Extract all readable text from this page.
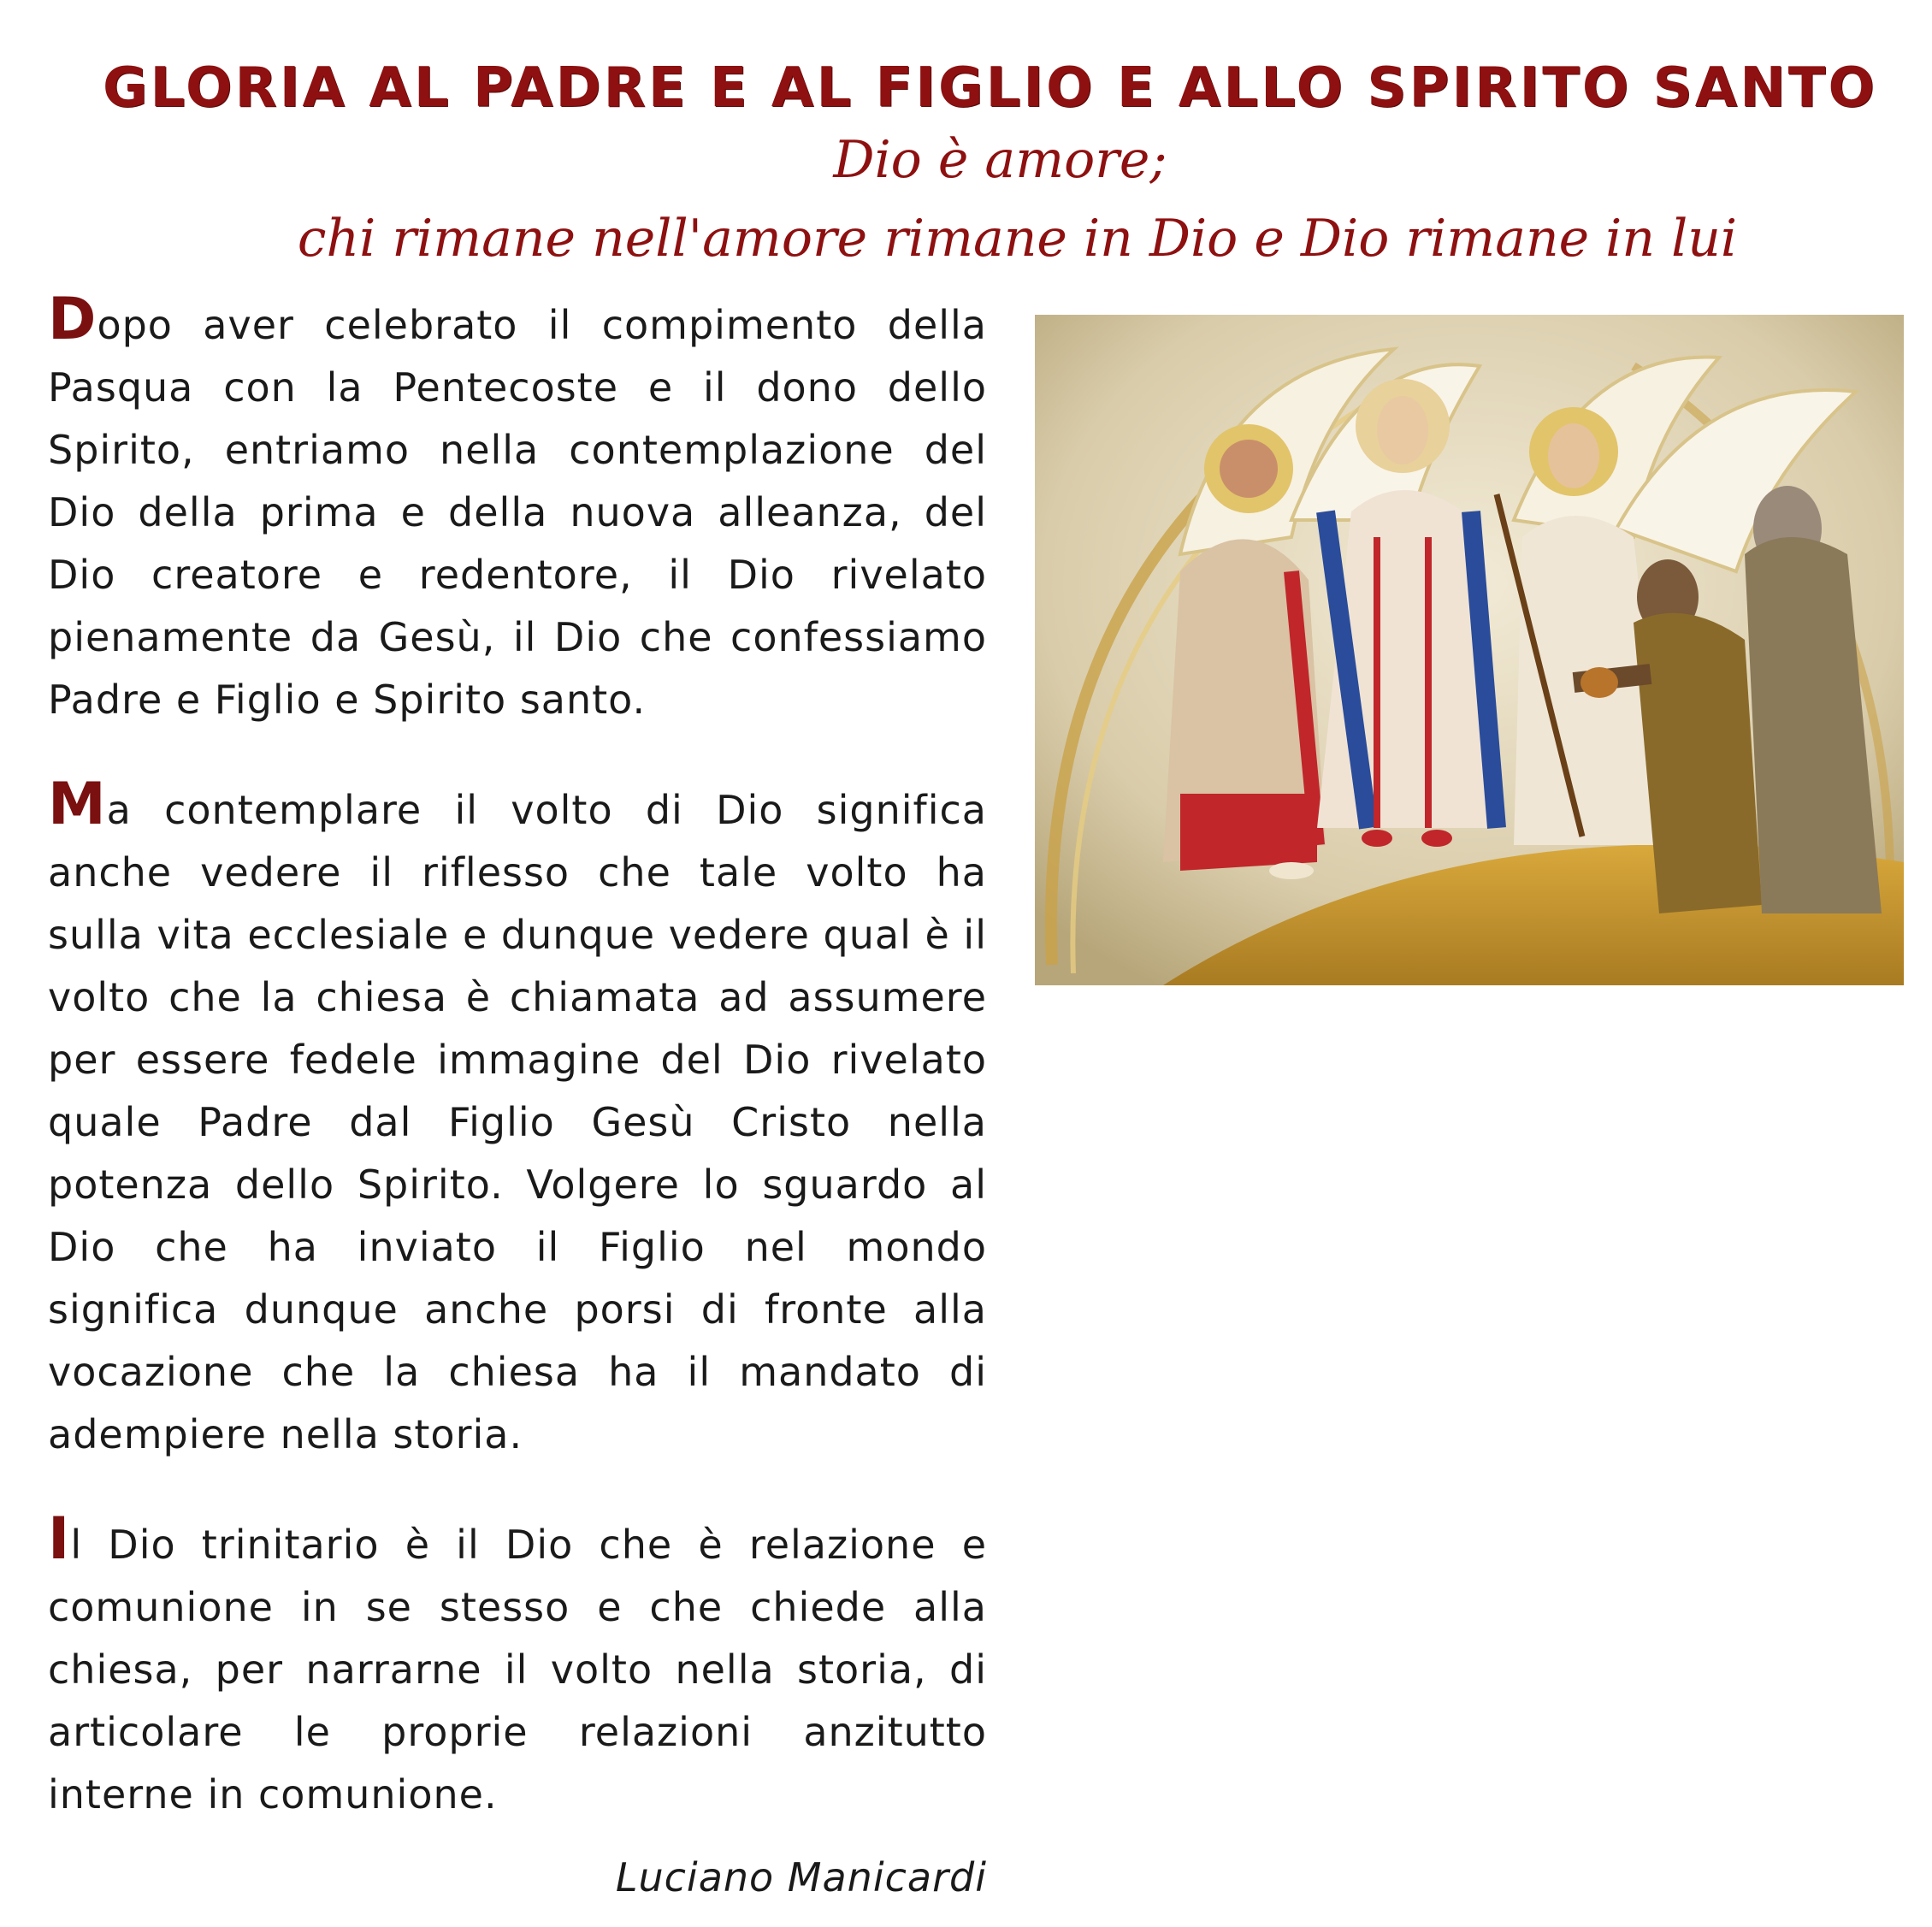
GLORIA AL PADRE E AL FIGLIO E ALLO SPIRITO SANTO
Dio è amore;
chi rimane nell'amore rimane in Dio e Dio rimane in lui

Dopo aver celebrato il compimento della Pasqua con la Pentecoste e il dono dello Spirito, entriamo nella contemplazione del Dio della prima e della nuova alleanza, del Dio creatore e redentore, il Dio rivelato pienamente da Gesù, il Dio che confessiamo Padre e Figlio e Spirito santo.

Ma contemplare il volto di Dio significa anche vedere il riflesso che tale volto ha sulla vita ecclesiale e dunque vedere qual è il volto che la chiesa è chiamata ad assumere per essere fedele immagine del Dio rivelato quale Padre dal Figlio Gesù Cristo nella potenza dello Spirito. Volgere lo sguardo al Dio che ha inviato il Figlio nel mondo significa dunque anche porsi di fronte alla vocazione che la chiesa ha il mandato di adempiere nella storia.

Il Dio trinitario è il Dio che è relazione e comunione in se stesso e che chiede alla chiesa, per narrarne il volto nella storia, di articolare le proprie relazioni anzitutto interne in comunione.

Luciano Manicardi
